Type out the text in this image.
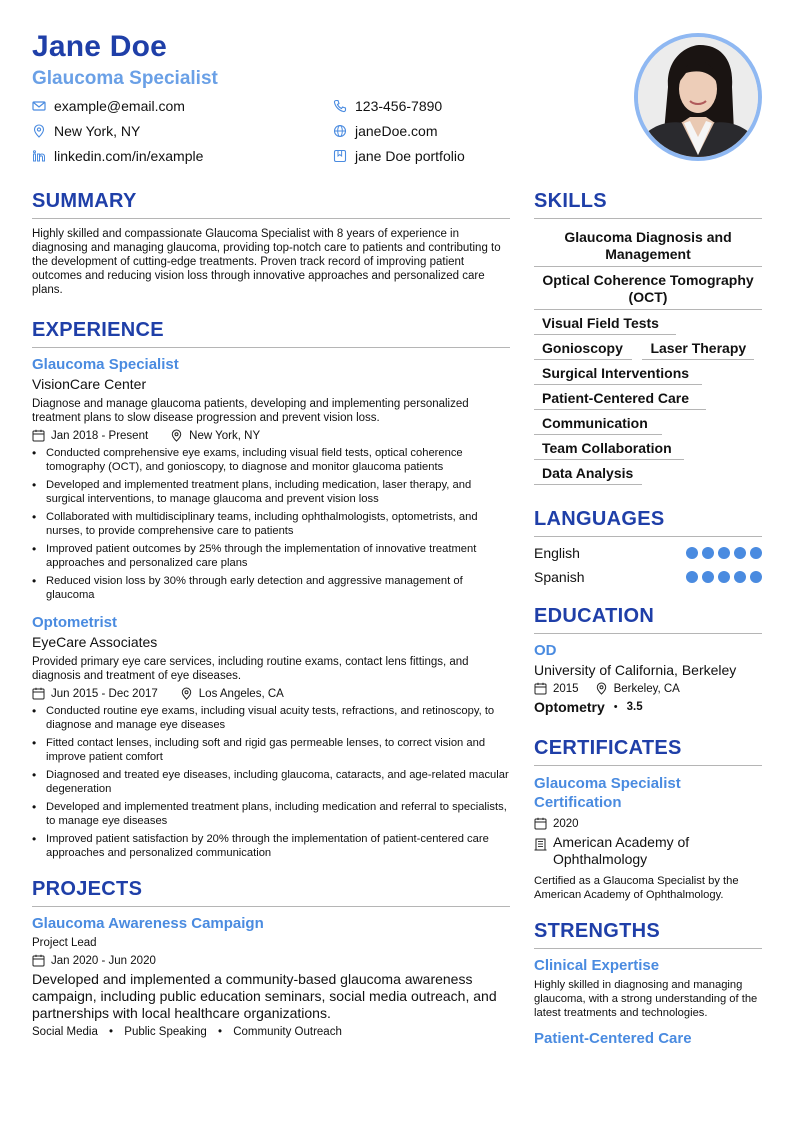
Jane Doe
Glaucoma Specialist
example@email.com	123-456-7890
New York, NY	janeDoe.com
linkedin.com/in/example	jane Doe portfolio
SUMMARY
Highly skilled and compassionate Glaucoma Specialist with 8 years of experience in diagnosing and managing glaucoma, providing top-notch care to patients and contributing to the development of cutting-edge treatments. Proven track record of improving patient outcomes and reducing vision loss through innovative approaches and personalized care plans.
EXPERIENCE
Glaucoma Specialist
VisionCare Center
Diagnose and manage glaucoma patients, developing and implementing personalized treatment plans to slow disease progression and prevent vision loss.
Jan 2018 - Present	New York, NY
• Conducted comprehensive eye exams, including visual field tests, optical coherence tomography (OCT), and gonioscopy, to diagnose and monitor glaucoma patients
• Developed and implemented treatment plans, including medication, laser therapy, and surgical interventions, to manage glaucoma and prevent vision loss
• Collaborated with multidisciplinary teams, including ophthalmologists, optometrists, and nurses, to provide comprehensive care to patients
• Improved patient outcomes by 25% through the implementation of innovative treatment approaches and personalized care plans
• Reduced vision loss by 30% through early detection and aggressive management of glaucoma
Optometrist
EyeCare Associates
Provided primary eye care services, including routine exams, contact lens fittings, and diagnosis and treatment of eye diseases.
Jun 2015 - Dec 2017	Los Angeles, CA
• Conducted routine eye exams, including visual acuity tests, refractions, and retinoscopy, to diagnose and manage eye diseases
• Fitted contact lenses, including soft and rigid gas permeable lenses, to correct vision and improve patient comfort
• Diagnosed and treated eye diseases, including glaucoma, cataracts, and age-related macular degeneration
• Developed and implemented treatment plans, including medication and referral to specialists, to manage eye diseases
• Improved patient satisfaction by 20% through the implementation of patient-centered care approaches and personalized communication
PROJECTS
Glaucoma Awareness Campaign
Project Lead
Jan 2020 - Jun 2020
Developed and implemented a community-based glaucoma awareness campaign, including public education seminars, social media outreach, and partnerships with local healthcare organizations.
Social Media • Public Speaking • Community Outreach
SKILLS
Glaucoma Diagnosis and Management
Optical Coherence Tomography (OCT)
Visual Field Tests
Gonioscopy Laser Therapy
Surgical Interventions
Patient-Centered Care
Communication
Team Collaboration
Data Analysis
LANGUAGES
English
Spanish
EDUCATION
OD
University of California, Berkeley
2015	Berkeley, CA
Optometry • 3.5
CERTIFICATES
Glaucoma Specialist Certification
2020
American Academy of Ophthalmology
Certified as a Glaucoma Specialist by the American Academy of Ophthalmology.
STRENGTHS
Clinical Expertise
Highly skilled in diagnosing and managing glaucoma, with a strong understanding of the latest treatments and technologies.
Patient-Centered Care
